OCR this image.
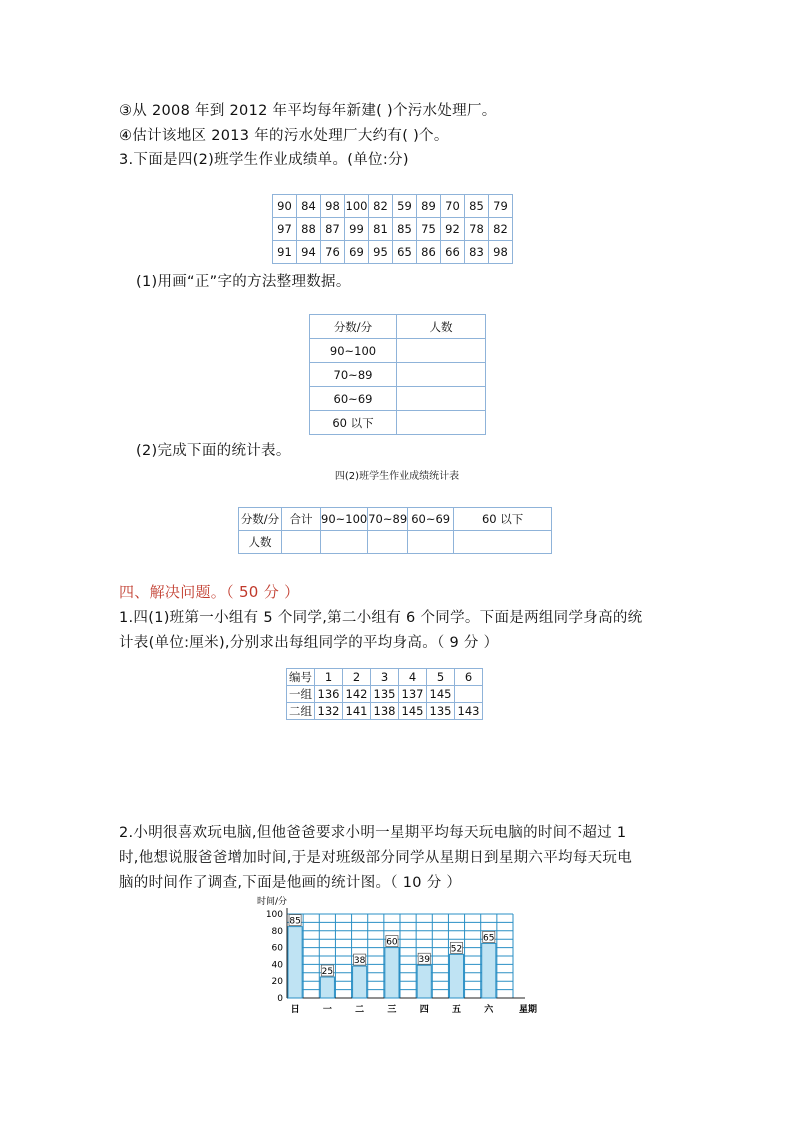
③从 2008 年到 2012 年平均每年新建( )个污水处理厂。
④估计该地区 2013 年的污水处理厂大约有( )个。
3.下面是四(2)班学生作业成绩单。(单位:分)
90	84	98	100	82	59	89	70	85	79
97	88	87	99	81	85	75	92	78	82
91	94	76	69	95	65	86	66	83	98
(1)用画“正”字的方法整理数据。
分数/分	人数
90~100	
70~89	
60~69	
60 以下	
(2)完成下面的统计表。
四(2)班学生作业成绩统计表
分数/分	合计	90~100	70~89	60~69	60 以下
人数					
四、解决问题。（ 50 分 ）
1.四(1)班第一小组有 5 个同学,第二小组有 6 个同学。下面是两组同学身高的统
计表(单位:厘米),分别求出每组同学的平均身高。（ 9 分 ）
编号	1	2	3	4	5	6
一组	136	142	135	137	145	
二组	132	141	138	145	135	143
2.小明很喜欢玩电脑,但他爸爸要求小明一星期平均每天玩电脑的时间不超过 1
时,他想说服爸爸增加时间,于是对班级部分同学从星期日到星期六平均每天玩电
脑的时间作了调查,下面是他画的统计图。（ 10 分 ）
0
20
40
60
80
100
时间/分
85
日
25
一
38
二
60
三
39
四
52
五
65
六	星期
